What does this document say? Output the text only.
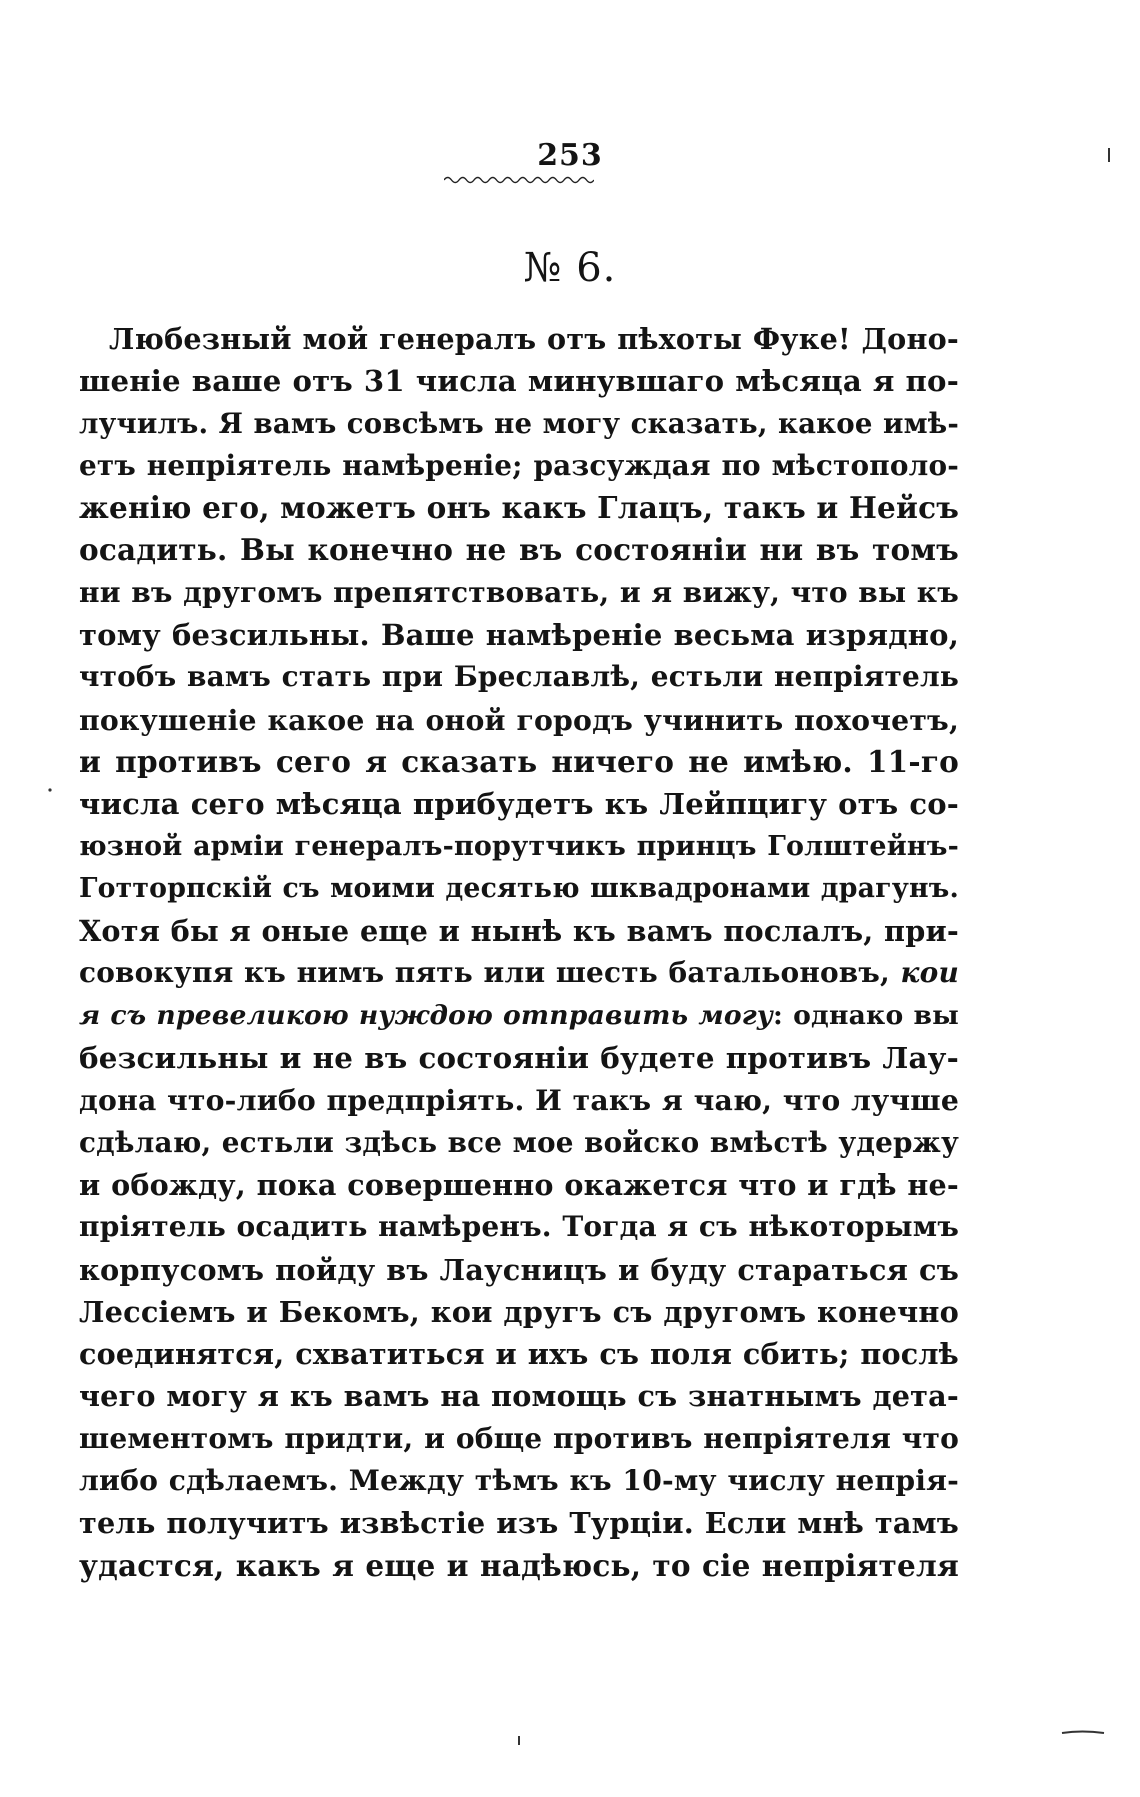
253
№ 6.
Любезный мой генералъ отъ пѣхоты Фуке! Доно-
шеніе ваше отъ 31 числа минувшаго мѣсяца я по-
лучилъ. Я вамъ совсѣмъ не могу сказать, какое имѣ-
етъ непріятель намѣреніе; разсуждая по мѣстополо-
женію его, можетъ онъ какъ Глацъ, такъ и Нейсъ
осадить. Вы конечно не въ состояніи ни въ томъ
ни въ другомъ препятствовать, и я вижу, что вы къ
тому безсильны. Ваше намѣреніе весьма изрядно,
чтобъ вамъ стать при Бреславлѣ, естьли непріятель
покушеніе какое на оной городъ учинить похочетъ,
и противъ сего я сказать ничего не имѣю. 11-го
числа сего мѣсяца прибудетъ къ Лейпцигу отъ со-
юзной арміи генералъ-порутчикъ принцъ Голштейнъ-
Готторпскій съ моими десятью шквадронами драгунъ.
Хотя бы я оные еще и нынѣ къ вамъ послалъ, при-
совокупя къ нимъ пять или шесть батальоновъ, кои
я съ превеликою нуждою отправить могу: однако вы
безсильны и не въ состояніи будете противъ Лау-
дона что-либо предпріять. И такъ я чаю, что лучше
сдѣлаю, естьли здѣсь все мое войско вмѣстѣ удержу
и обожду, пока совершенно окажется что и гдѣ не-
пріятель осадить намѣренъ. Тогда я съ нѣкоторымъ
корпусомъ пойду въ Лаусницъ и буду стараться съ
Лессіемъ и Бекомъ, кои другъ съ другомъ конечно
соединятся, схватиться и ихъ съ поля сбить; послѣ
чего могу я къ вамъ на помощь съ знатнымъ дета-
шементомъ придти, и обще противъ непріятеля что
либо сдѣлаемъ. Между тѣмъ къ 10-му числу непрія-
тель получитъ извѣстіе изъ Турціи. Если мнѣ тамъ
удастся, какъ я еще и надѣюсь, то сіе непріятеля
